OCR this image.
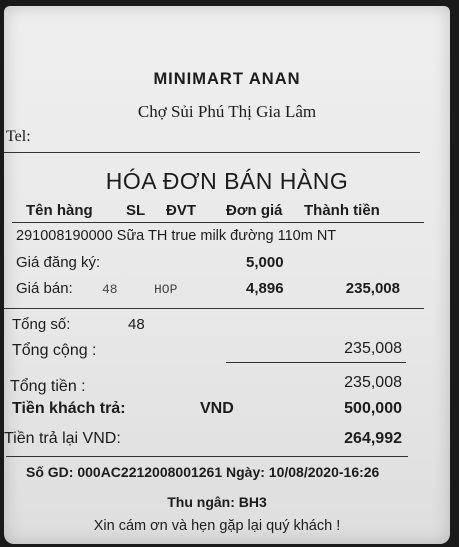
MINIMART ANAN
Chợ Sủi Phú Thị Gia Lâm
Tel:
HÓA ĐƠN BÁN HÀNG
Tên hàng SL ĐVT Đơn giá Thành tiền
291008190000 Sữa TH true milk đường 110m NT
Giá đăng ký:	5,000
Giá bán: 48	HOP	4,896	235,008
Tổng số:	48
Tổng cộng :	235,008
Tổng tiền :	235,008
Tiền khách trả:	VND	500,000
Tiền trả lại VND:	264,992
Số GD: 000AC2212008001261 Ngày: 10/08/2020-16:26
Thu ngân: BH3
Xin cám ơn và hẹn gặp lại quý khách !
